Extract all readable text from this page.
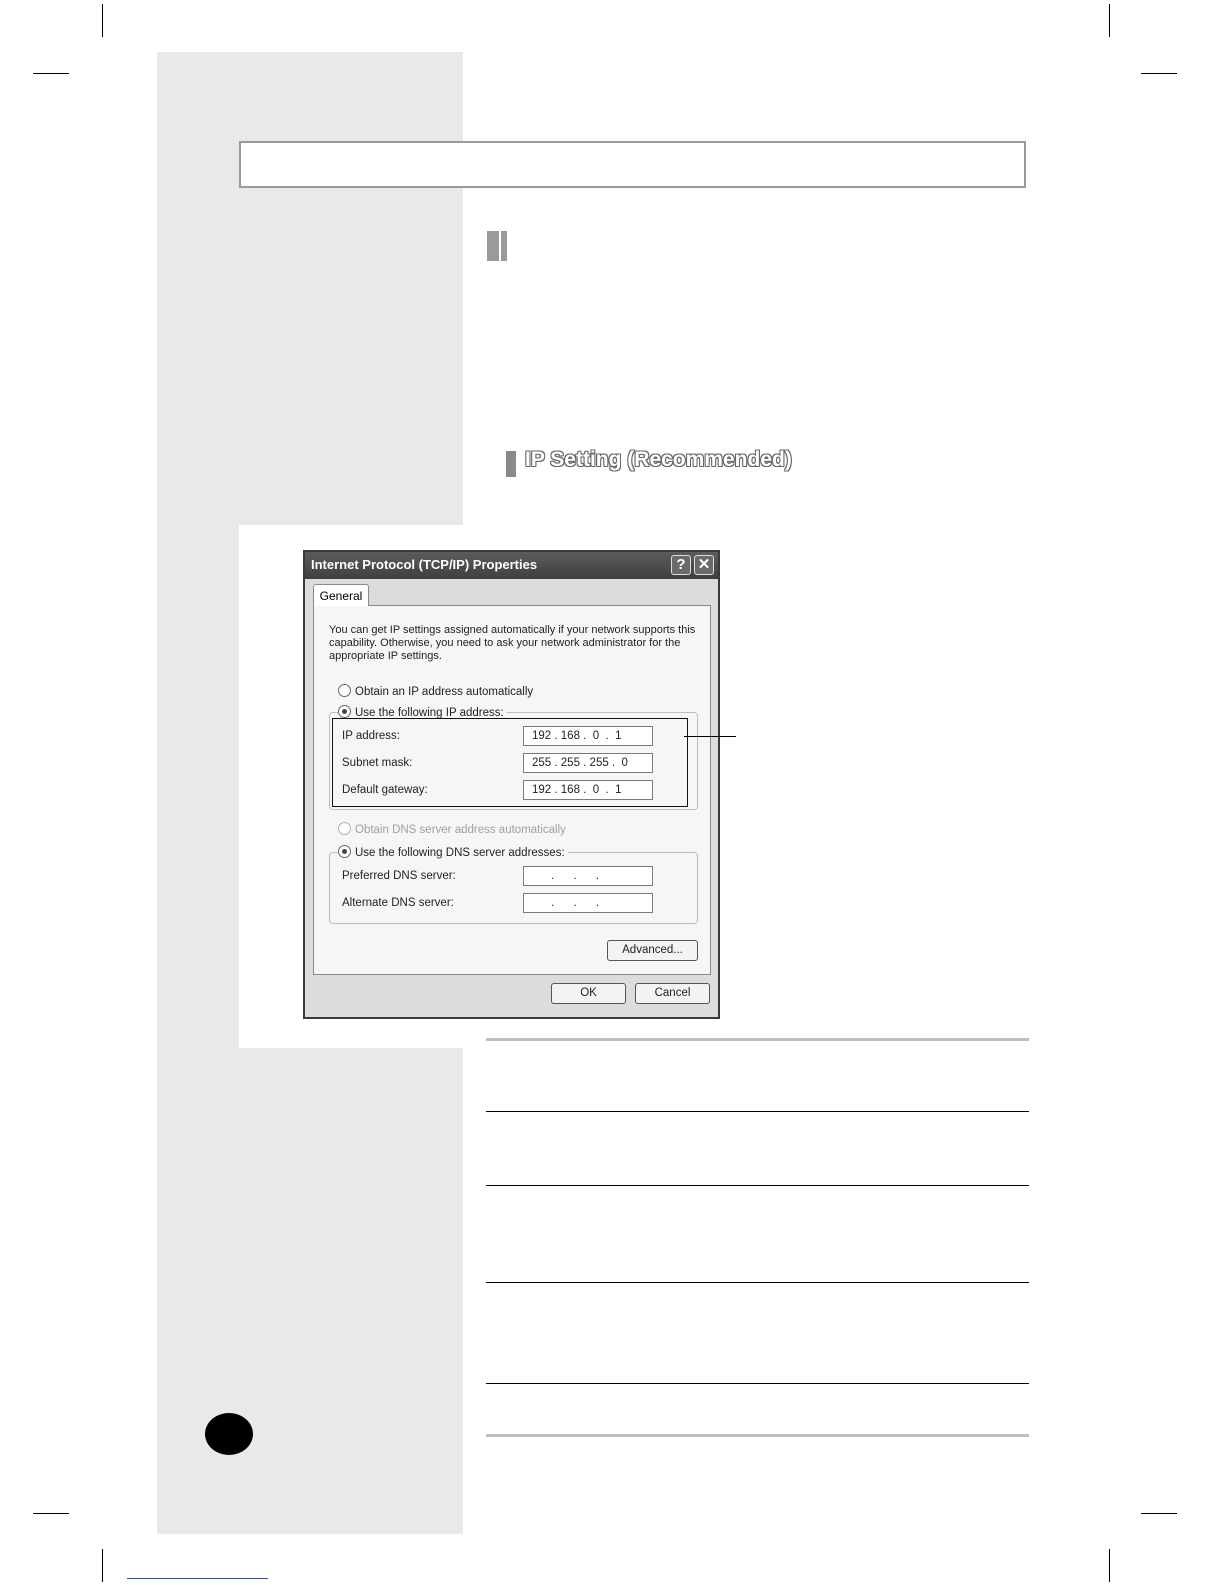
IP Setting (Recommended)
Internet Protocol (TCP/IP) Properties	? ✕
General
You can get IP settings assigned automatically if your network supports this capability. Otherwise, you need to ask your network administrator for the appropriate IP settings.
Obtain an IP address automatically
Use the following IP address:
IP address:	192 . 168 .  0  .  1
Subnet mask:	255 . 255 . 255 .  0
Default gateway:	192 . 168 .  0  .  1
Obtain DNS server address automatically
Use the following DNS server addresses:
Preferred DNS server:	.      .      .
Alternate DNS server:	.      .      .
Advanced...
OK	Cancel
